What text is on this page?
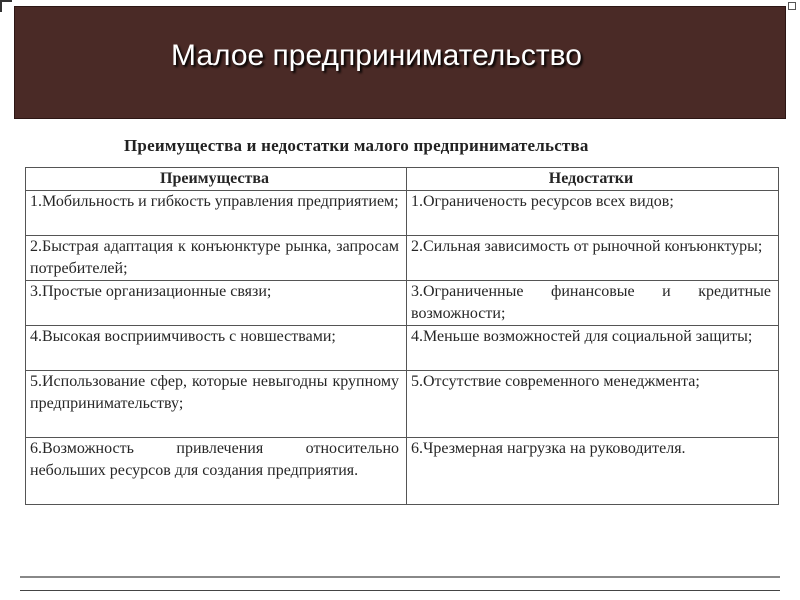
Малое предпринимательство
Преимущества и недостатки малого предпринимательства
Преимущества	Недостатки
1.Мобильность и гибкость управления предприятием;	1.Ограниченость ресурсов всех видов;
2.Быстрая адаптация к конъюнктуре рынка, запросам потребителей;	2.Сильная зависимость от рыночной конъюнктуры;
3.Простые организационные связи;	3.Ограниченные финансовые и кредитные возможности;
4.Высокая восприимчивость с новшествами;	4.Меньше возможностей для социальной защиты;
5.Использование сфер, которые невыгодны крупному предпринимательству;	5.Отсутствие современного менеджмента;
6.Возможность привлечения относительно небольших ресурсов для создания предприятия.	6.Чрезмерная нагрузка на руководителя.
